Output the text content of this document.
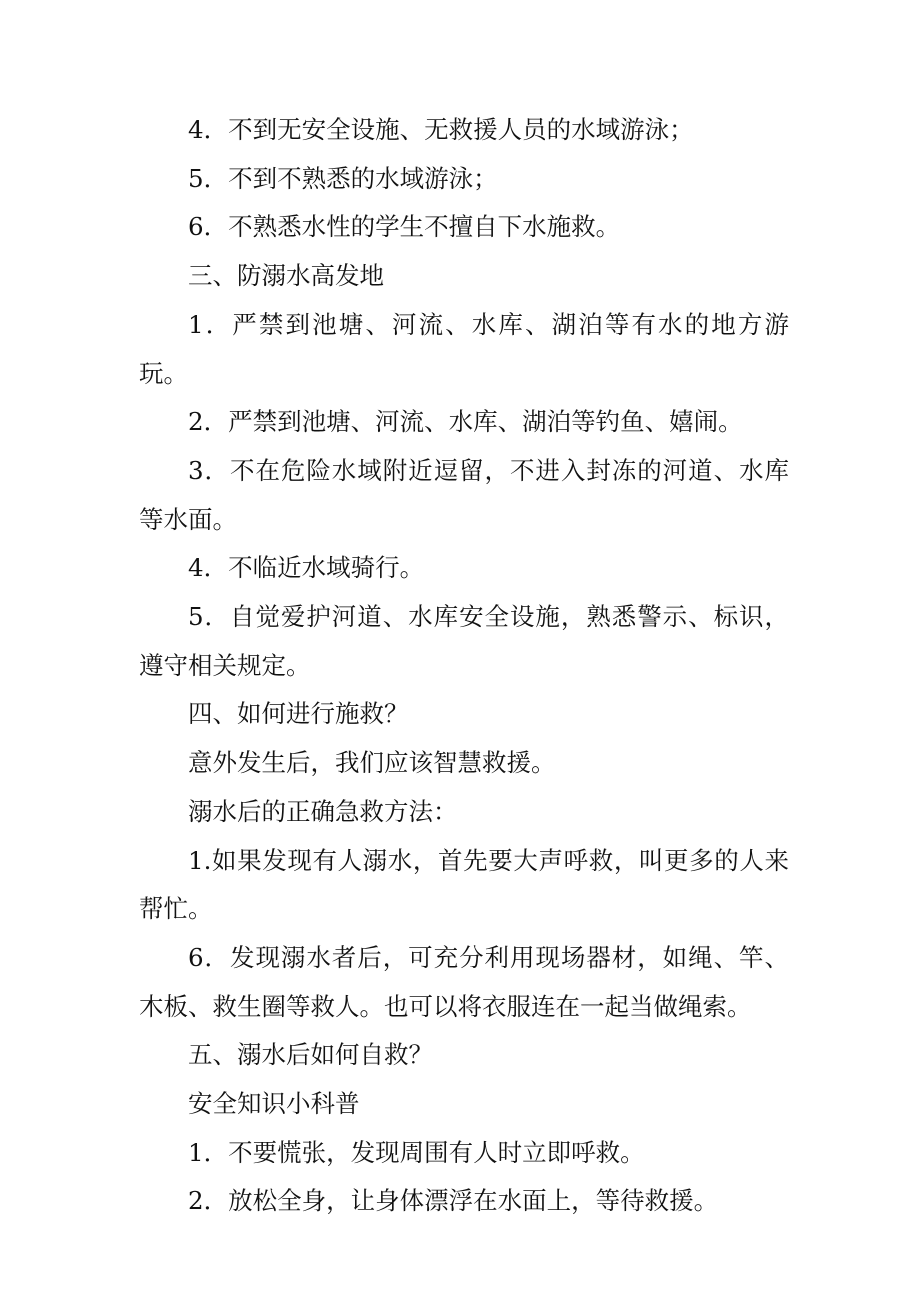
4．不到无安全设施、无救援人员的水域游泳；

5．不到不熟悉的水域游泳；

6．不熟悉水性的学生不擅自下水施救。

三、防溺水高发地

1．严禁到池塘、河流、水库、湖泊等有水的地方游玩。

2．严禁到池塘、河流、水库、湖泊等钓鱼、嬉闹。

3．不在危险水域附近逗留，不进入封冻的河道、水库等水面。

4．不临近水域骑行。

5．自觉爱护河道、水库安全设施，熟悉警示、标识，遵守相关规定。

四、如何进行施救？

意外发生后，我们应该智慧救援。

溺水后的正确急救方法：

1.如果发现有人溺水，首先要大声呼救，叫更多的人来帮忙。

6．发现溺水者后，可充分利用现场器材，如绳、竿、木板、救生圈等救人。也可以将衣服连在一起当做绳索。

五、溺水后如何自救？

安全知识小科普

1．不要慌张，发现周围有人时立即呼救。

2．放松全身，让身体漂浮在水面上，等待救援。
